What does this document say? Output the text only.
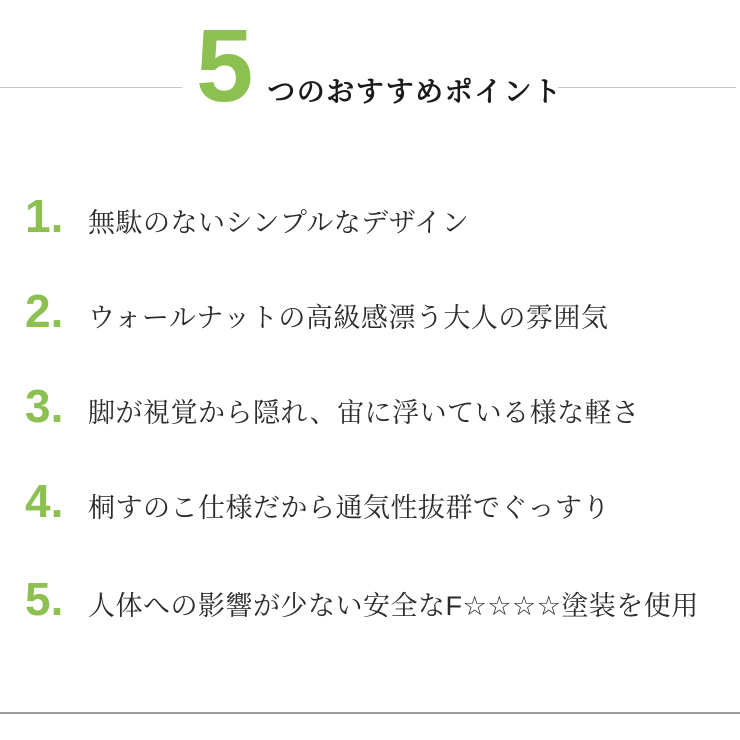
5 つのおすすめポイント
1. 無駄のないシンプルなデザイン
2. ウォールナットの高級感漂う大人の雰囲気
3. 脚が視覚から隠れ、宙に浮いている様な軽さ
4. 桐すのこ仕様だから通気性抜群でぐっすり
5. 人体への影響が少ない安全なF☆☆☆☆塗装を使用
